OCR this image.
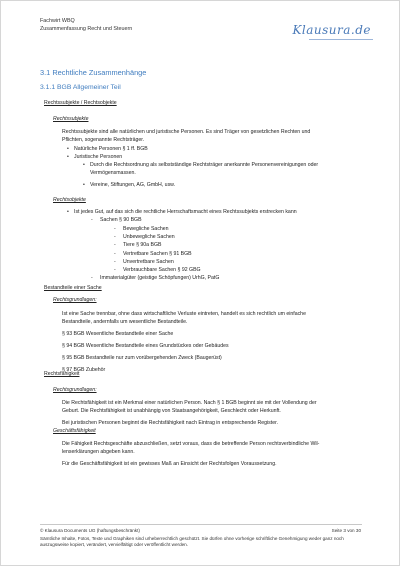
Fachwirt WBQ
Zusammenfassung Recht und Steuern	Klausura.de
3.1 Rechtliche Zusammenhänge
3.1.1 BGB Allgemeiner Teil
Rechtssubjekte / Rechtsobjekte
Rechtssubjekte
Rechtssubjekte sind alle natürlichen und juristische Personen. Es sind Träger von gesetzlichen Rechten und
Pflichten, sogenannte Rechtsträger.
• Natürliche Personen § 1 ff. BGB
• Juristische Personen
• Durch die Rechtsordnung als selbstständige Rechtsträger anerkannte Personenvereinigungen oder
Vermögensmassen.
• Vereine, Stiftungen, AG, GmbH, usw.
Rechtsobjekte
• Ist jedes Gut, auf das sich die rechtliche Herrschaftsmacht eines Rechtssubjekts erstrecken kann
- Sachen § 90 BGB
- Bewegliche Sachen
- Unbewegliche Sachen
- Tiere § 90a BGB
- Vertretbare Sachen § 91 BGB
- Unvertretbare Sachen
- Verbrauchbare Sachen § 92 GBG
- Immaterialgüter (geistige Schöpfungen) UrhG, PatG
Bestandteile einer Sache
Rechtsgrundlagen:
Ist eine Sache trennbar, ohne dass wirtschaftliche Verluste eintreten, handelt es sich rechtlich um einfache
Bestandteile, andernfalls um wesentliche Bestandteile.
§ 93 BGB Wesentliche Bestandteile einer Sache
§ 94 BGB Wesentliche Bestandteile eines Grundstückes oder Gebäudes
§ 95 BGB Bestandteile nur zum vorübergehenden Zweck (Baugerüst)
§ 97 BGB Zubehör
Rechtsfähigkeit
Rechtsgrundlagen:
Die Rechtsfähigkeit ist ein Merkmal einer natürlichen Person. Nach § 1 BGB beginnt sie mit der Vollendung der
Geburt. Die Rechtsfähigkeit ist unabhängig von Staatsangehörigkeit, Geschlecht oder Herkunft.
Bei juristischen Personen beginnt die Rechtsfähigkeit nach Eintrag in entsprechende Register.
Geschäftsfähigkeit
Die Fähigkeit Rechtsgeschäfte abzuschließen, setzt voraus, dass die betreffende Person rechtsverbindliche Wil-
lenserklärungen abgeben kann.
Für die Geschäftsfähigkeit ist ein gewisses Maß an Einsicht der Rechtsfolgen Voraussetzung.
© Klausura Documents UG (haftungsbeschränkt)	Seite 3 von 30
Sämtliche Inhalte, Fotos, Texte und Graphiken sind urheberrechtlich geschützt. Sie dürfen ohne vorherige schriftliche Genehmigung weder ganz noch
auszugsweise kopiert, verändert, vervielfältigt oder veröffentlicht werden.
